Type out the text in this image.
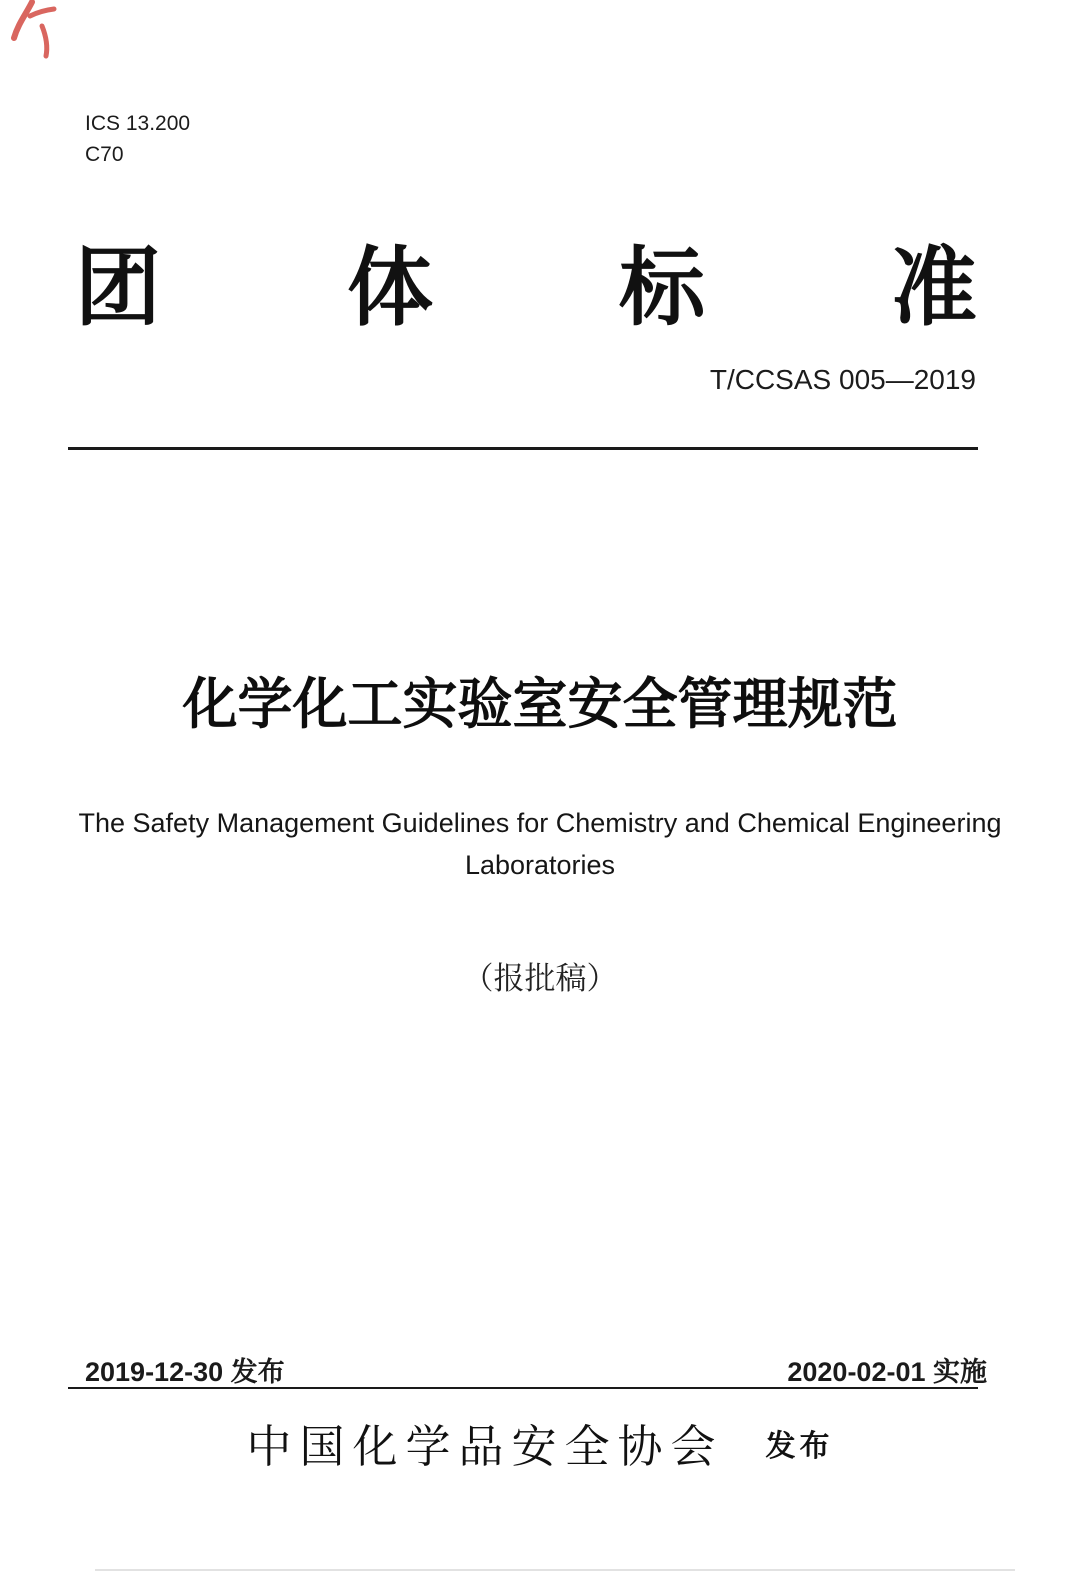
ICS 13.200
C70
团 体 标 准
T/CCSAS 005—2019
化学化工实验室安全管理规范
The Safety Management Guidelines for Chemistry and Chemical Engineering
Laboratories
（报批稿）
2019-12-30 发布	2020-02-01 实施
中国化学品安全协会 发布
